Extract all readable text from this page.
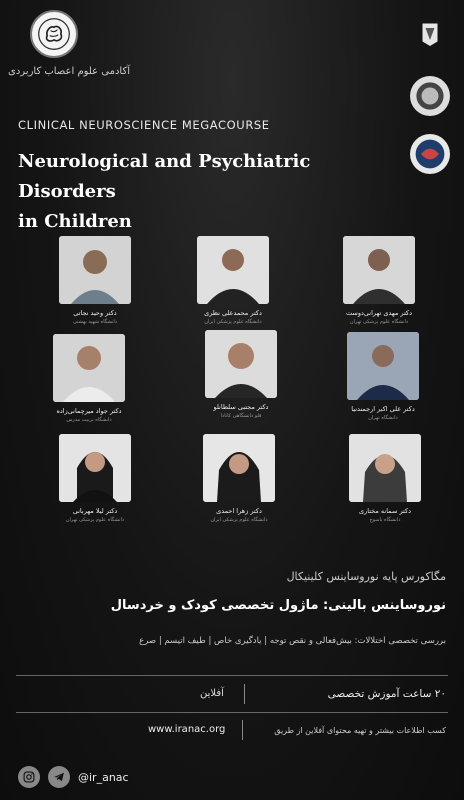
آکادمی علوم اعصاب کاربردی
CLINICAL NEUROSCIENCE MEGACOURSE
Neurological and Psychiatric Disorders
in Children
دکتر وحید نجاتی
دانشگاه شهید بهشتی
دکتر محمدعلی نظری
دانشگاه علوم پزشکی ایران
دکتر مهدی تهرانی‌دوست
دانشگاه علوم پزشکی تهران
دکتر جواد میرچمانی‌زاده
دانشگاه تربیت مدرس
دکتر مجتبی سلطانلو
فلو دانشگاهی کانادا
دکتر علی اکبر ارجمندنیا
دانشگاه تهران
دکتر لیلا مهربانی
دانشگاه علوم پزشکی تهران
دکتر زهرا احمدی
دانشگاه علوم پزشکی ایران
دکتر سمانه مختاری
دانشگاه یاسوج
مگاکورس پایه نوروساینس کلینیکال
نوروساینس بالینی: ماژول تخصصی کودک و خردسال
بررسی تخصصی اختلالات: بیش‌فعالی و نقص توجه | یادگیری خاص | طیف اتیسم | صرع
۲۰ ساعت آموزش تخصصی
آفلاین
www.iranac.org	کسب اطلاعات بیشتر و تهیه محتوای آفلاین از طریق
@ir_anac
